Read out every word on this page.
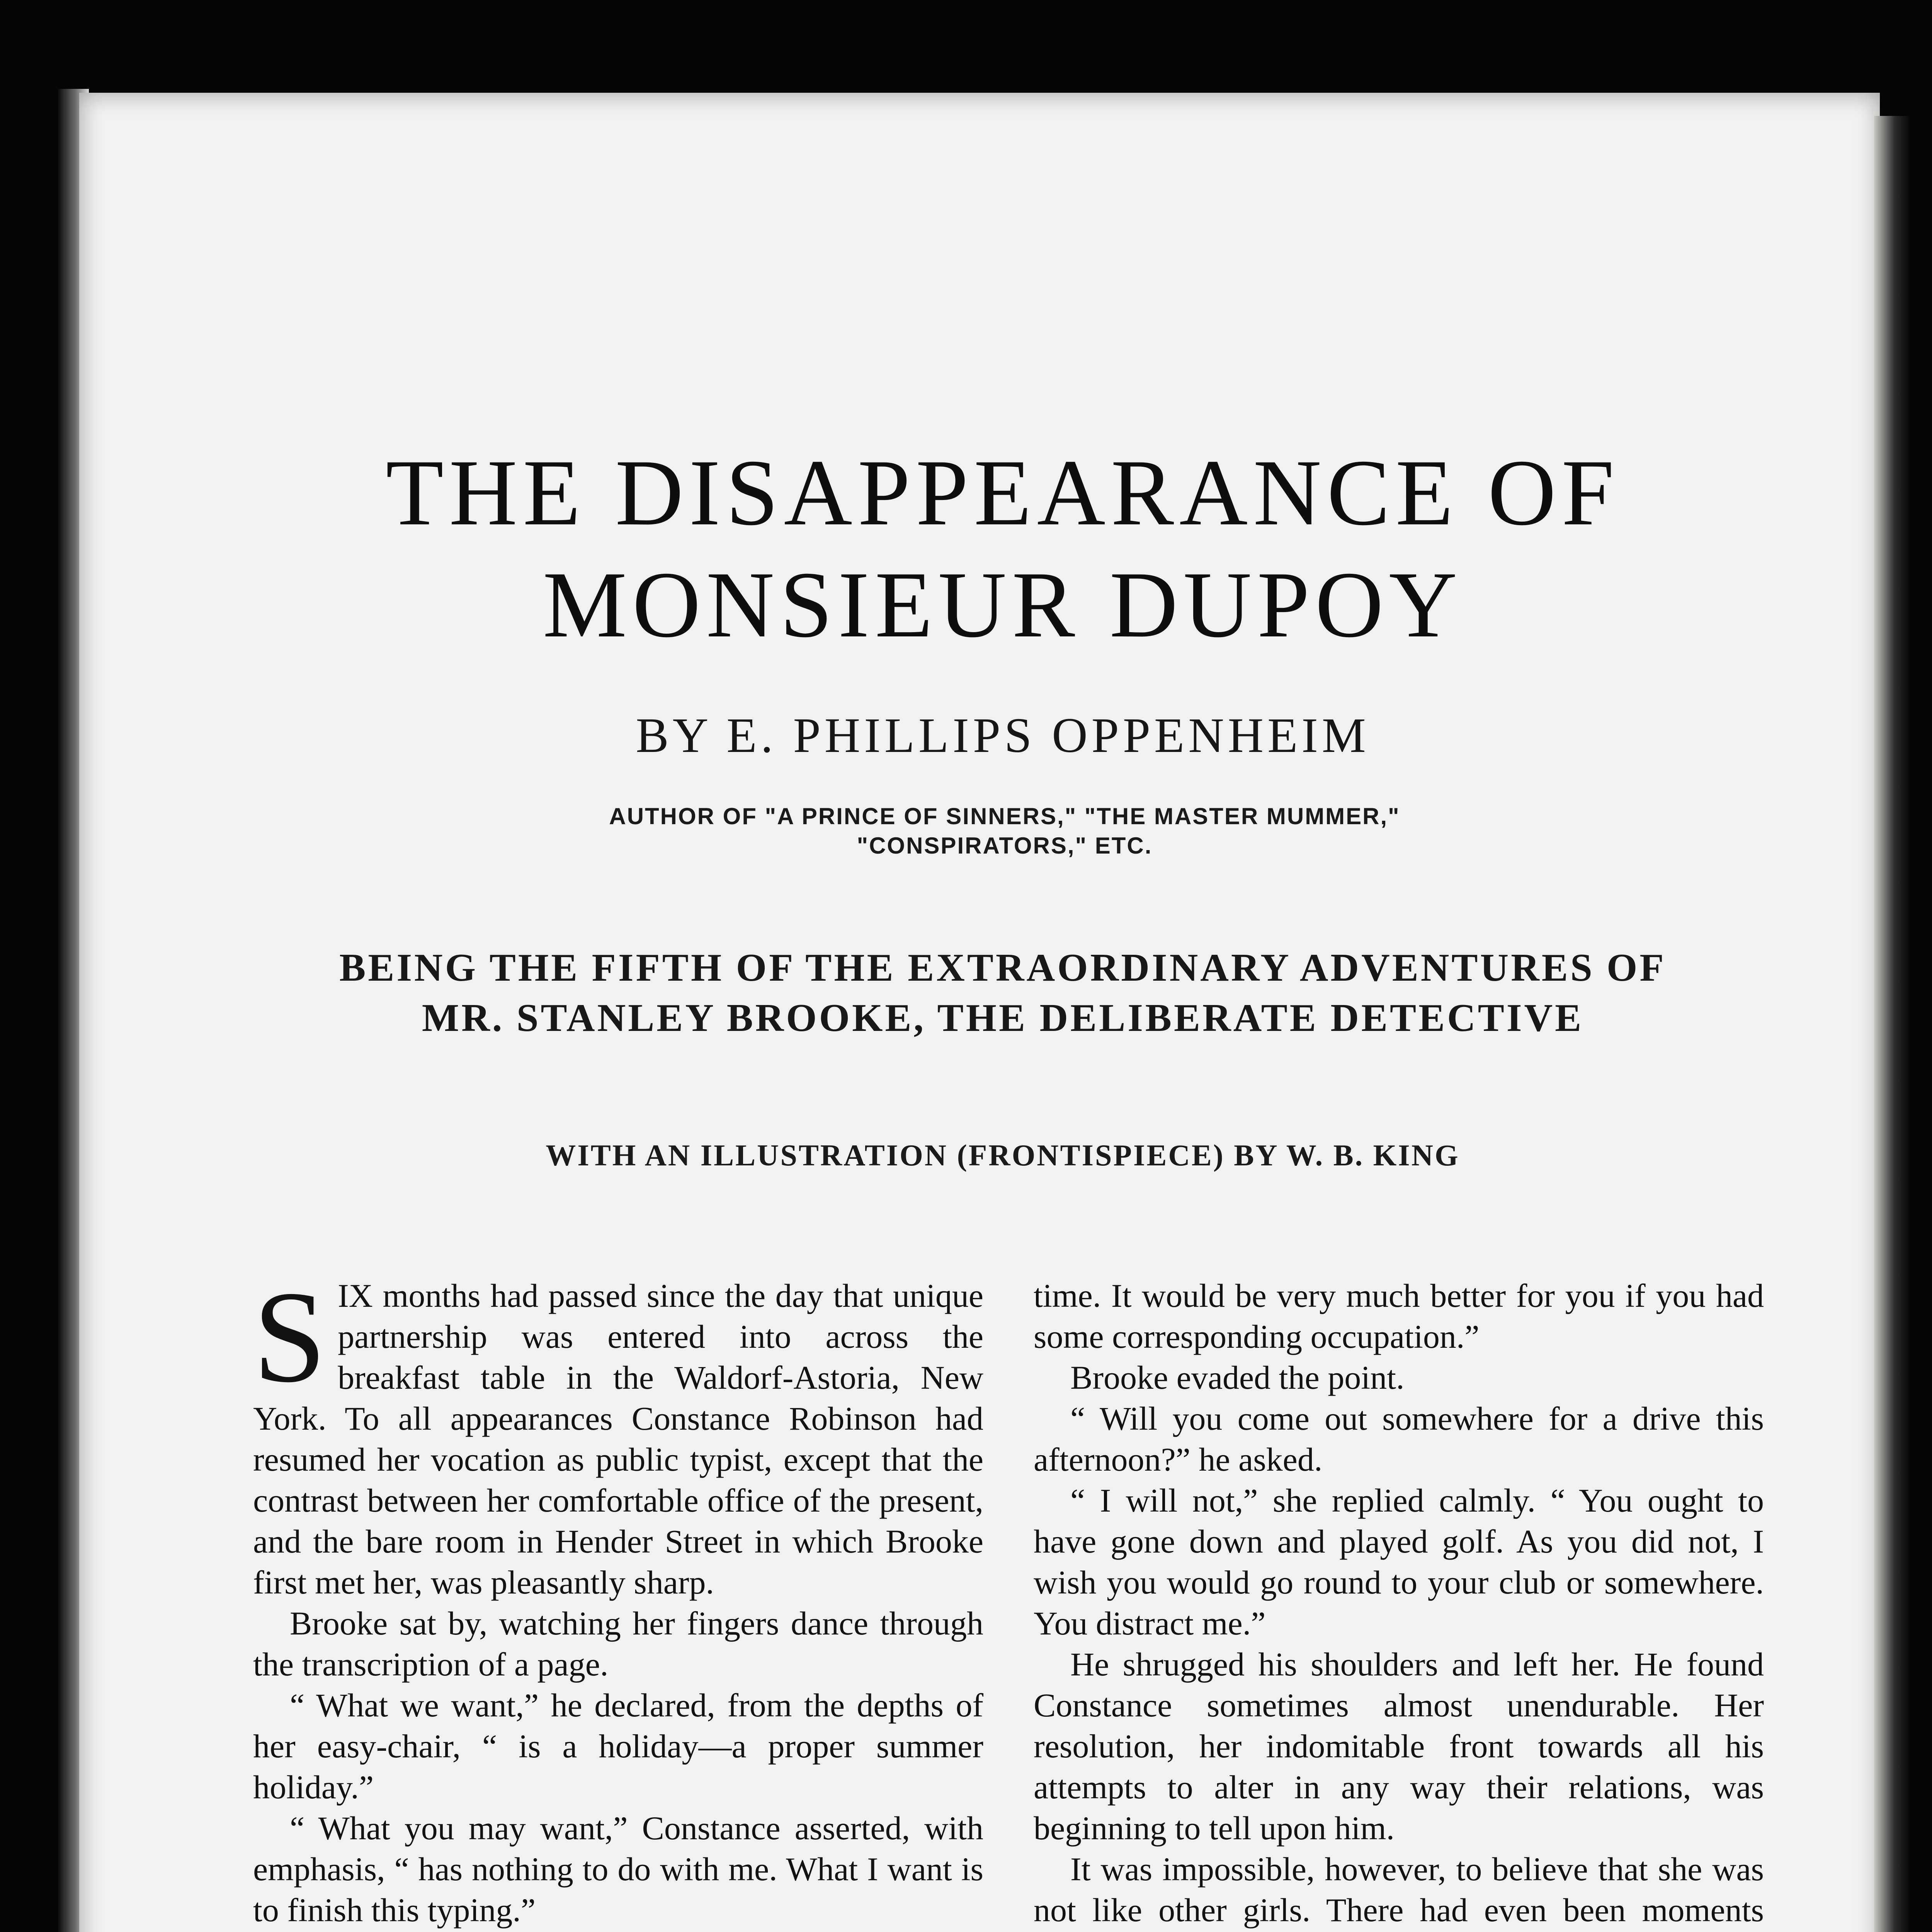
THE DISAPPEARANCE OF
MONSIEUR DUPOY
BY E. PHILLIPS OPPENHEIM
AUTHOR OF "A PRINCE OF SINNERS," "THE MASTER MUMMER,"
"CONSPIRATORS," ETC.
BEING THE FIFTH OF THE EXTRAORDINARY ADVENTURES OF
MR. STANLEY BROOKE, THE DELIBERATE DETECTIVE
WITH AN ILLUSTRATION (FRONTISPIECE) BY W. B. KING

SIX months had passed since the day that unique partnership was entered into across the breakfast table in the Waldorf-Astoria, New York. To all appearances Constance Robinson had resumed her vocation as public typist, except that the contrast between her comfortable office of the present, and the bare room in Hender Street in which Brooke first met her, was pleasantly sharp.

Brooke sat by, watching her fingers dance through the transcription of a page.

“ What we want,” he declared, from the depths of her easy-chair, “ is a holiday—a proper summer holiday.”

“ What you may want,” Constance asserted, with emphasis, “ has nothing to do with me. What I want is to finish this typing.”

time. It would be very much better for you if you had some corresponding occupation.”

Brooke evaded the point.

“ Will you come out somewhere for a drive this afternoon?” he asked.

“ I will not,” she replied calmly. “ You ought to have gone down and played golf. As you did not, I wish you would go round to your club or somewhere. You distract me.”

He shrugged his shoulders and left her. He found Constance sometimes almost unendurable. Her resolution, her indomitable front towards all his attempts to alter in any way their relations, was beginning to tell upon him.

It was impossible, however, to believe that she was not like other girls. There had even been moments
